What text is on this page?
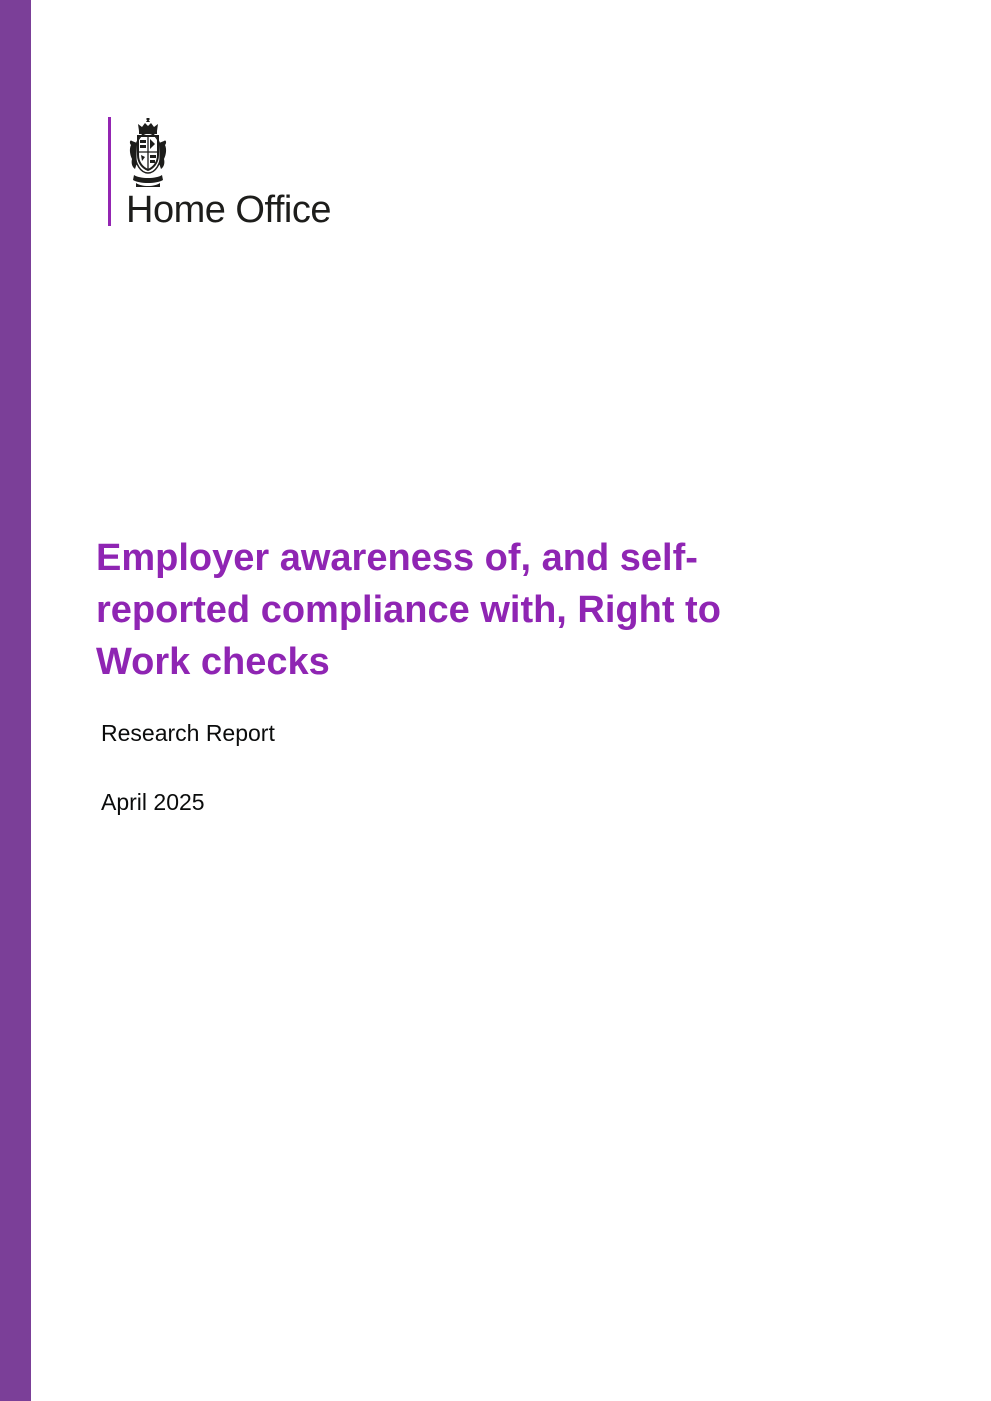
Home Office
Employer awareness of, and self-
reported compliance with, Right to
Work checks
Research Report
April 2025
